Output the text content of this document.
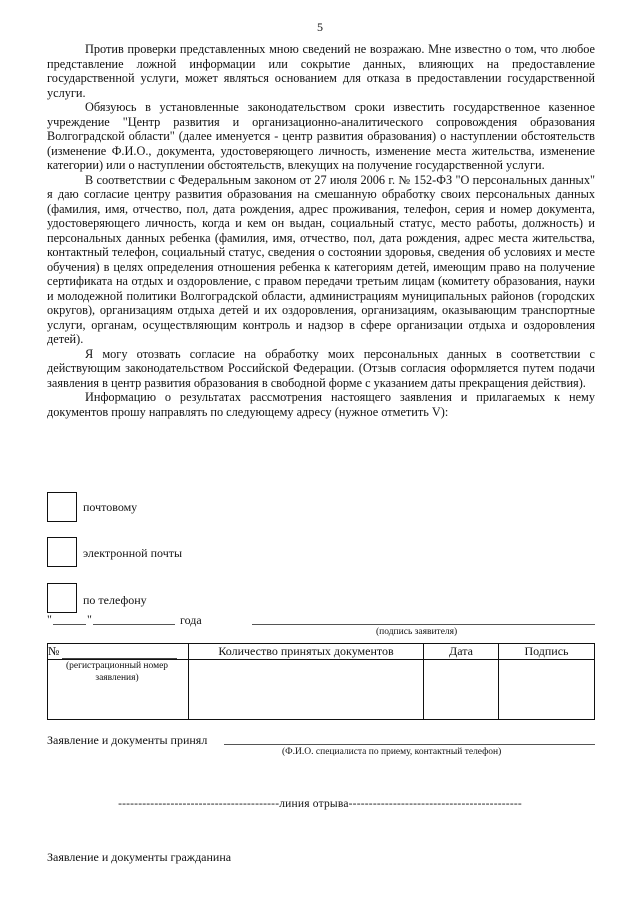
5

Против проверки представленных мною сведений не возражаю. Мне известно о том, что любое представление ложной информации или сокрытие данных, влияющих на предоставление государственной услуги, может являться основанием для отказа в предоставлении государственной услуги.

Обязуюсь в установленные законодательством сроки известить государственное казенное учреждение "Центр развития и организационно-аналитического сопровождения образования Волгоградской области" (далее именуется - центр развития образования) о наступлении обстоятельств (изменение Ф.И.О., документа, удостоверяющего личность, изменение места жительства, изменение категории) или о наступлении обстоятельств, влекущих на получение государственной услуги.

В соответствии с Федеральным законом от 27 июля 2006 г. № 152-ФЗ "О персональных данных" я даю согласие центру развития образования на смешанную обработку своих персональных данных (фамилия, имя, отчество, пол, дата рождения, адрес проживания, телефон, серия и номер документа, удостоверяющего личность, когда и кем он выдан, социальный статус, место работы, должность) и персональных данных ребенка (фамилия, имя, отчество, пол, дата рождения, адрес места жительства, контактный телефон, социальный статус, сведения о состоянии здоровья, сведения об условиях и месте обучения) в целях определения отношения ребенка к категориям детей, имеющим право на получение сертификата на отдых и оздоровление, с правом передачи третьим лицам (комитету образования, науки и молодежной политики Волгоградской области, администрациям муниципальных районов (городских округов), организациям отдыха детей и их оздоровления, организациям, оказывающим транспортные услуги, органам, осуществляющим контроль и надзор в сфере организации отдыха и оздоровления детей).

Я могу отозвать согласие на обработку моих персональных данных в соответствии с действующим законодательством Российской Федерации. (Отзыв согласия оформляется путем подачи заявления в центр развития образования в свободной форме с указанием даты прекращения действия).

Информацию о результатах рассмотрения настоящего заявления и прилагаемых к нему документов прошу направлять по следующему адресу (нужное отметить V):

почтовому
электронной почты
по телефону
"	"	года
(подпись заявителя)
№	Количество принятых документов	Дата	Подпись

(регистрационный номер заявления)			

Заявление и документы принял
(Ф.И.О. специалиста по приему, контактный телефон)
----------------------------------------линия отрыва-------------------------------------------
Заявление и документы гражданина
